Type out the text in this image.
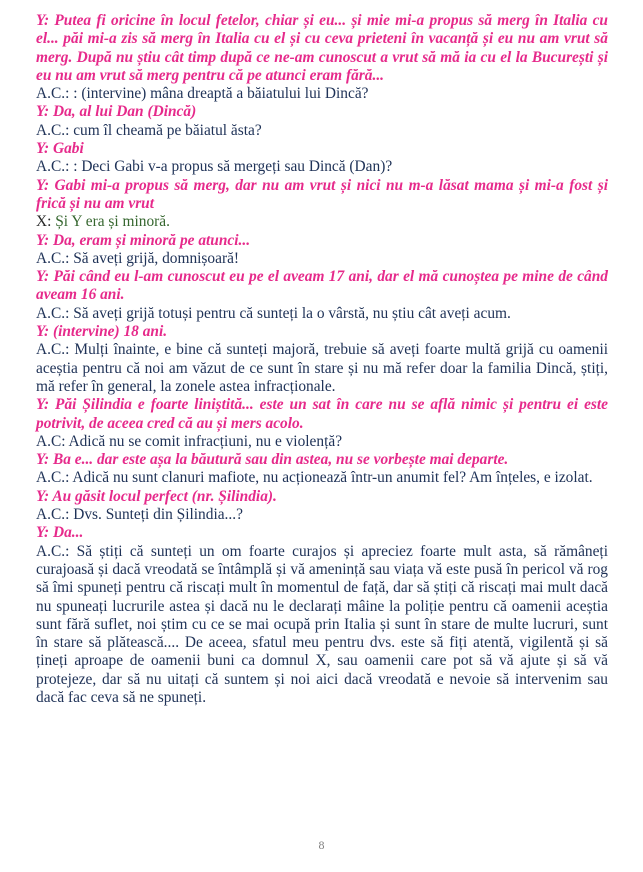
Y: Putea fi oricine în locul fetelor, chiar și eu... și mie mi-a propus să merg în Italia cu el... păi mi-a zis să merg în Italia cu el și cu ceva prieteni în vacanță și eu nu am vrut să merg. După nu știu cât timp după ce ne-am cunoscut a vrut să mă ia cu el la București și eu nu am vrut să merg pentru că pe atunci eram fără...

A.C.: : (intervine) mâna dreaptă a băiatului lui Dincă?

Y: Da, al lui Dan (Dincă)

A.C.: cum îl cheamă pe băiatul ăsta?

Y: Gabi

A.C.: : Deci Gabi v-a propus să mergeți sau Dincă (Dan)?

Y: Gabi mi-a propus să merg, dar nu am vrut și nici nu m-a lăsat mama și mi-a fost și frică și nu am vrut

X: Și Y era și minoră.

Y: Da, eram și minoră pe atunci...

A.C.: Să aveți grijă, domnișoară!

Y: Păi când eu l-am cunoscut eu pe el aveam 17 ani, dar el mă cunoștea pe mine de când aveam 16 ani.

A.C.: Să aveți grijă totuși pentru că sunteți la o vârstă, nu știu cât aveți acum.

Y: (intervine) 18 ani.

A.C.: Mulți înainte, e bine că sunteți majoră, trebuie să aveți foarte multă grijă cu oamenii aceștia pentru că noi am văzut de ce sunt în stare și nu mă refer doar la familia Dincă, știți, mă refer în general, la zonele astea infracționale.

Y: Păi Șilindia e foarte liniștită... este un sat în care nu se află nimic și pentru ei este potrivit, de aceea cred că au și mers acolo.

A.C: Adică nu se comit infracțiuni, nu e violență?

Y: Ba e... dar este așa la băutură sau din astea, nu se vorbește mai departe.

A.C.: Adică nu sunt clanuri mafiote, nu acționează într-un anumit fel? Am înțeles, e izolat.

Y: Au găsit locul perfect (nr. Șilindia).

A.C.: Dvs. Sunteți din Șilindia...?

Y: Da...

A.C.: Să știți că sunteți un om foarte curajos și apreciez foarte mult asta, să rămâneți curajoasă și dacă vreodată se întâmplă și vă amenință sau viața vă este pusă în pericol vă rog să îmi spuneți pentru că riscați mult în momentul de față, dar să știți că riscați mai mult dacă nu spuneați lucrurile astea și dacă nu le declarați mâine la poliție pentru că oamenii aceștia sunt fără suflet, noi știm cu ce se mai ocupă prin Italia și sunt în stare de multe lucruri, sunt în stare să plătească.... De aceea, sfatul meu pentru dvs. este să fiți atentă, vigilentă și să țineți aproape de oamenii buni ca domnul X, sau oamenii care pot să vă ajute și să vă protejeze, dar să nu uitați că suntem și noi aici dacă vreodată e nevoie să intervenim sau dacă fac ceva să ne spuneți.

8
